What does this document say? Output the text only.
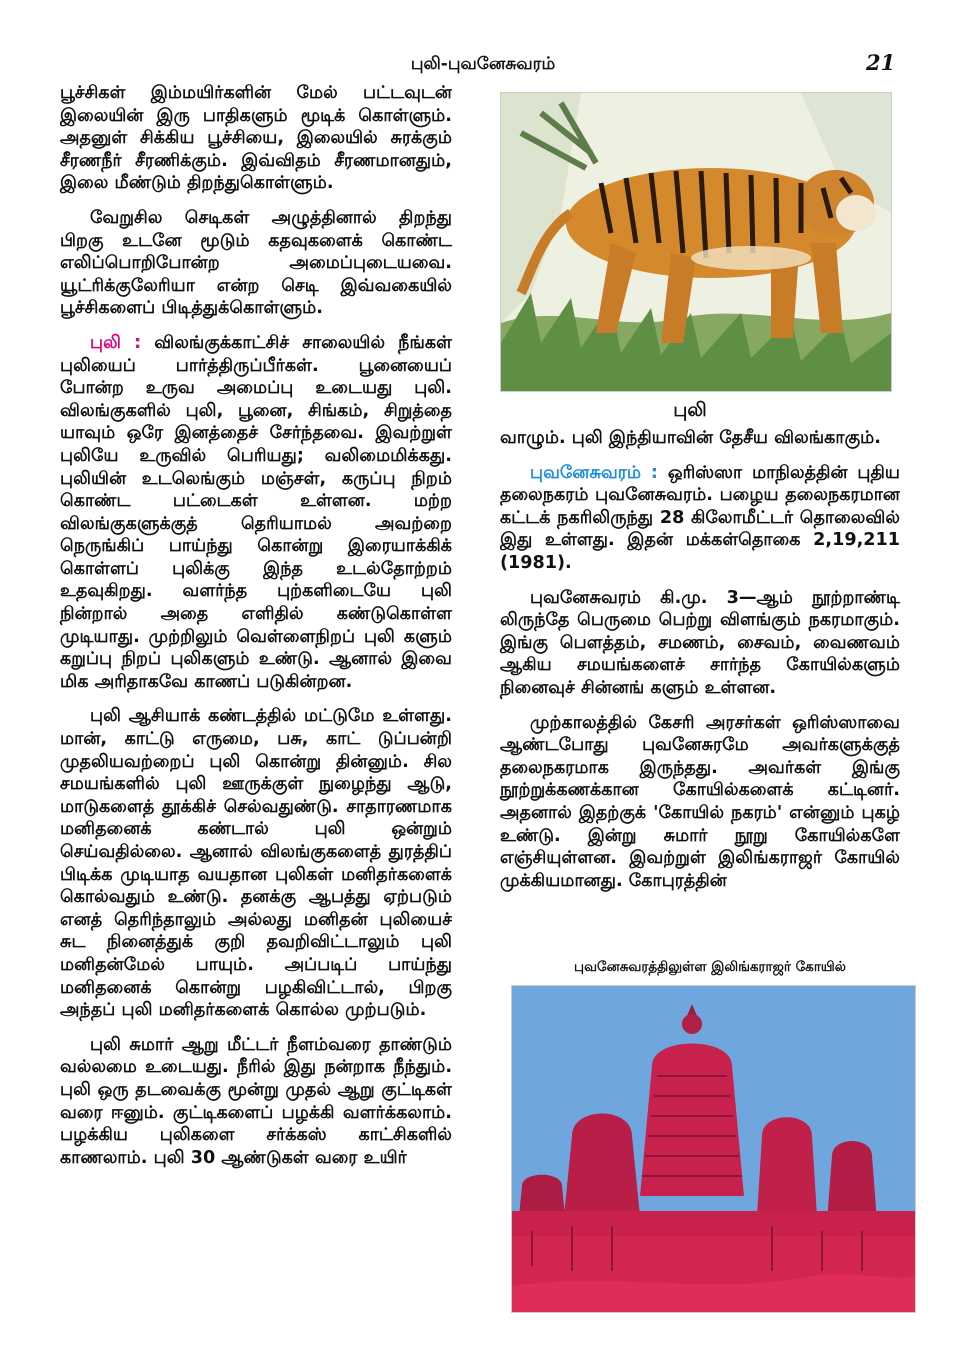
புலி-புவனேசுவரம்	21

பூச்சிகள் இம்மயிர்களின் மேல் பட்டவுடன் இலையின் இரு பாதிகளும் மூடிக் கொள்ளும். அதனுள் சிக்கிய பூச்சியை, இலையில் சுரக்கும் சீரணநீர் சீரணிக்கும். இவ்விதம் சீரணமானதும், இலை மீண்டும் திறந்துகொள்ளும்.

வேறுசில செடிகள் அழுத்தினால் திறந்து பிறகு உடனே மூடும் கதவுகளைக் கொண்ட எலிப்பொறிபோன்ற அமைப்புடையவை. யூட்ரிக்குலேரியா என்ற செடி இவ்வகையில் பூச்சிகளைப் பிடித்துக்கொள்ளும்.

புலி : விலங்குக்காட்சிச் சாலையில் நீங்கள் புலியைப் பார்த்திருப்பீர்கள். பூனையைப் போன்ற உருவ அமைப்பு உடையது புலி. விலங்குகளில் புலி, பூனை, சிங்கம், சிறுத்தை யாவும் ஒரே இனத்தைச் சேர்ந்தவை. இவற்றுள் புலியே உருவில் பெரியது; வலிமைமிக்கது. புலியின் உடலெங்கும் மஞ்சள், கருப்பு நிறம் கொண்ட பட்டைகள் உள்ளன. மற்ற விலங்குகளுக்குத் தெரியாமல் அவற்றை நெருங்கிப் பாய்ந்து கொன்று இரையாக்கிக் கொள்ளப் புலிக்கு இந்த உடல்தோற்றம் உதவுகிறது. வளர்ந்த புற்களிடையே புலி நின்றால் அதை எளிதில் கண்டுகொள்ள முடியாது. முற்றிலும் வெள்ளைநிறப் புலி களும் கறுப்பு நிறப் புலிகளும் உண்டு. ஆனால் இவை மிக அரிதாகவே காணப் படுகின்றன.

புலி ஆசியாக் கண்டத்தில் மட்டுமே உள்ளது. மான், காட்டு எருமை, பசு, காட் டுப்பன்றி முதலியவற்றைப் புலி கொன்று தின்னும். சில சமயங்களில் புலி ஊருக்குள் நுழைந்து ஆடு, மாடுகளைத் தூக்கிச் செல்வதுண்டு. சாதாரணமாக மனிதனைக் கண்டால் புலி ஒன்றும் செய்வதில்லை. ஆனால் விலங்குகளைத் துரத்திப் பிடிக்க முடியாத வயதான புலிகள் மனிதர்களைக் கொல்வதும் உண்டு. தனக்கு ஆபத்து ஏற்படும் எனத் தெரிந்தாலும் அல்லது மனிதன் புலியைச் சுட நினைத்துக் குறி தவறிவிட்டாலும் புலி மனிதன்மேல் பாயும். அப்படிப் பாய்ந்து மனிதனைக் கொன்று பழகிவிட்டால், பிறகு அந்தப் புலி மனிதர்களைக் கொல்ல முற்படும்.

புலி சுமார் ஆறு மீட்டர் நீளம்வரை தாண்டும் வல்லமை உடையது. நீரில் இது நன்றாக நீந்தும். புலி ஒரு தடவைக்கு மூன்று முதல் ஆறு குட்டிகள் வரை ஈனும். குட்டிகளைப் பழக்கி வளர்க்கலாம். பழக்கிய புலிகளை சர்க்கஸ் காட்சிகளில் காணலாம். புலி 30 ஆண்டுகள் வரை உயிர்

புலி

வாழும். புலி இந்தியாவின் தேசீய விலங்காகும்.

புவனேசுவரம் : ஒரிஸ்ஸா மாநிலத்தின் புதிய தலைநகரம் புவனேசுவரம். பழைய தலைநகரமான கட்டக் நகரிலிருந்து 28 கிலோமீட்டர் தொலைவில் இது உள்ளது. இதன் மக்கள்தொகை 2,19,211 (1981).

புவனேசுவரம் கி.மு. 3—ஆம் நூற்றாண்டி லிருந்தே பெருமை பெற்று விளங்கும் நகரமாகும். இங்கு பௌத்தம், சமணம், சைவம், வைணவம் ஆகிய சமயங்களைச் சார்ந்த கோயில்களும் நினைவுச் சின்னங் களும் உள்ளன.

முற்காலத்தில் கேசரி அரசர்கள் ஒரிஸ்ஸாவை ஆண்டபோது புவனேசுரமே அவர்களுக்குத் தலைநகரமாக இருந்தது. அவர்கள் இங்கு நூற்றுக்கணக்கான கோயில்களைக் கட்டினர். அதனால் இதற்குக் 'கோயில் நகரம்' என்னும் புகழ் உண்டு. இன்று சுமார் நூறு கோயில்களே எஞ்சியுள்ளன. இவற்றுள் இலிங்கராஜர் கோயில் முக்கியமானது. கோபுரத்தின்

புவனேசுவரத்திலுள்ள இலிங்கராஜர் கோயில்
